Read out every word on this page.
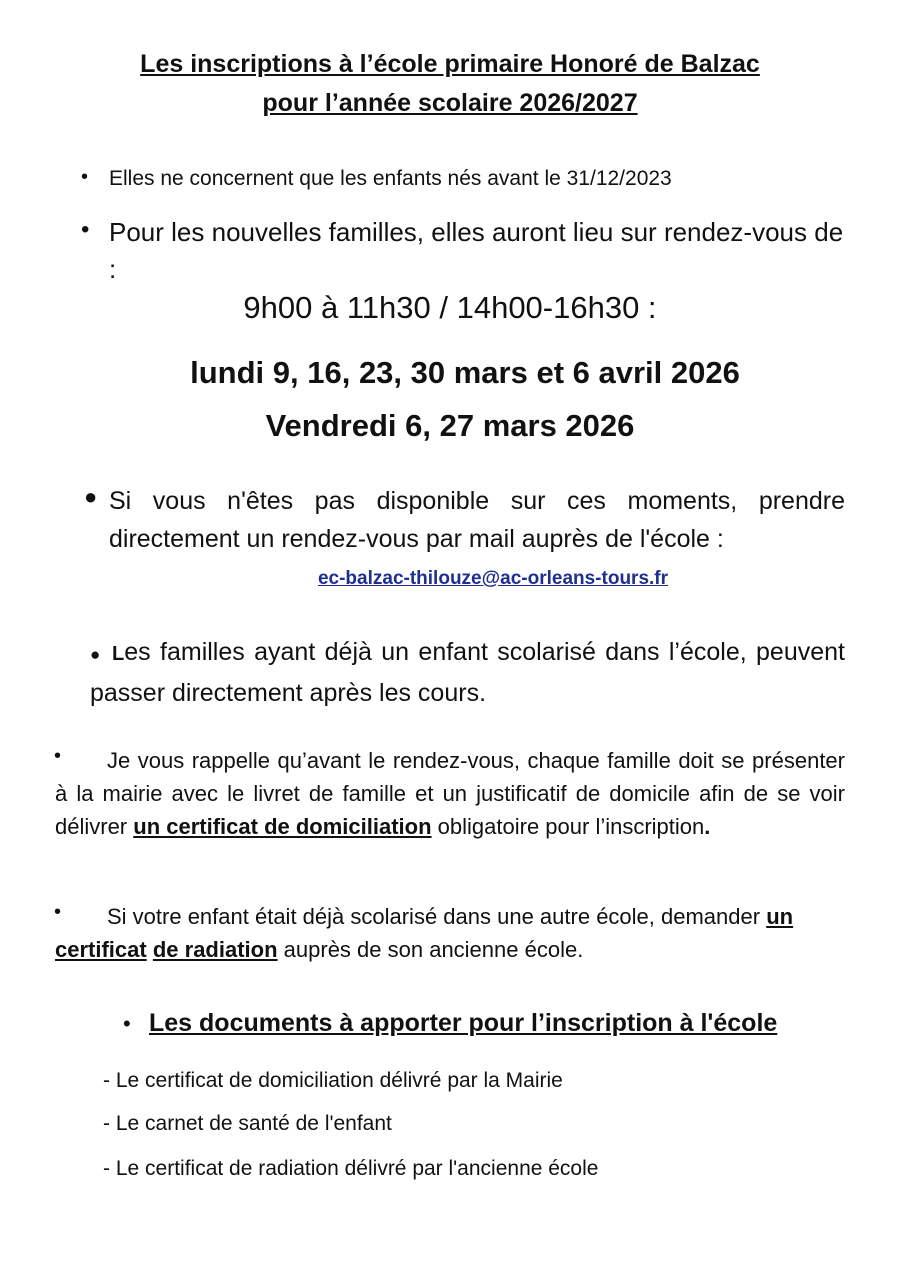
Les inscriptions à l’école primaire Honoré de Balzac
pour l’année scolaire 2026/2027
• Elles ne concernent que les enfants nés avant le 31/12/2023
• Pour les nouvelles familles, elles auront lieu sur rendez-vous de :
9h00 à 11h30 / 14h00-16h30 :
lundi 9, 16, 23, 30 mars et 6 avril 2026
Vendredi 6, 27 mars 2026
● Si vous n'êtes pas disponible sur ces moments, prendre directement un rendez-vous par mail auprès de l'école :
ec-balzac-thilouze@ac-orleans-tours.fr
● Les familles ayant déjà un enfant scolarisé dans l’école, peuvent passer directement après les cours.
•	Je vous rappelle qu’avant le rendez-vous, chaque famille doit se présenter à la mairie avec le livret de famille et un justificatif de domicile afin de se voir délivrer un certificat de domiciliation obligatoire pour l’inscription.
•	Si votre enfant était déjà scolarisé dans une autre école, demander un certificat de radiation auprès de son ancienne école.
• Les documents à apporter pour l’inscription à l'école
- Le certificat de domiciliation délivré par la Mairie
- Le carnet de santé de l'enfant
- Le certificat de radiation délivré par l'ancienne école
